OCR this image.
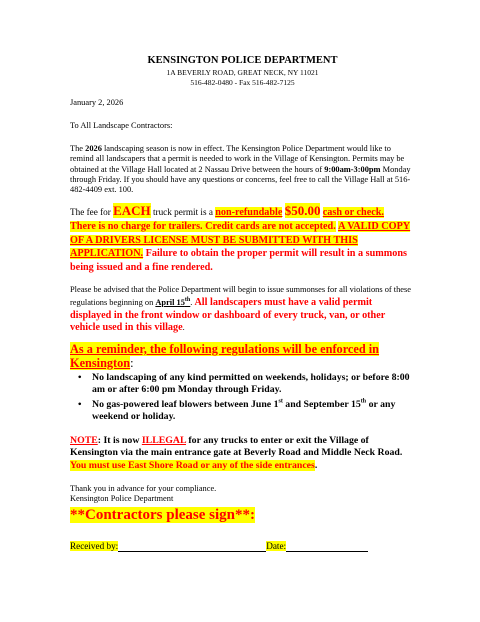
KENSINGTON POLICE DEPARTMENT
1A BEVERLY ROAD, GREAT NECK, NY 11021
516-482-0480 - Fax 516-482-7125
January 2, 2026
To All Landscape Contractors:
The 2026 landscaping season is now in effect. The Kensington Police Department would like to remind all landscapers that a permit is needed to work in the Village of Kensington. Permits may be obtained at the Village Hall located at 2 Nassau Drive between the hours of 9:00am-3:00pm Monday through Friday. If you should have any questions or concerns, feel free to call the Village Hall at 516-482-4409 ext. 100.
The fee for EACH truck permit is a non-refundable $50.00 cash or check.
There is no charge for trailers. Credit cards are not accepted. A VALID COPY OF A DRIVERS LICENSE MUST BE SUBMITTED WITH THIS APPLICATION. Failure to obtain the proper permit will result in a summons being issued and a fine rendered.
Please be advised that the Police Department will begin to issue summonses for all violations of these regulations beginning on April 15th. All landscapers must have a valid permit displayed in the front window or dashboard of every truck, van, or other vehicle used in this village.
As a reminder, the following regulations will be enforced in Kensington:
• No landscaping of any kind permitted on weekends, holidays; or before 8:00 am or after 6:00 pm Monday through Friday.
• No gas-powered leaf blowers between June 1st and September 15th or any weekend or holiday.
NOTE: It is now ILLEGAL for any trucks to enter or exit the Village of Kensington via the main entrance gate at Beverly Road and Middle Neck Road. You must use East Shore Road or any of the side entrances.
Thank you in advance for your compliance.
Kensington Police Department
**Contractors please sign**:
Received by:	Date:
